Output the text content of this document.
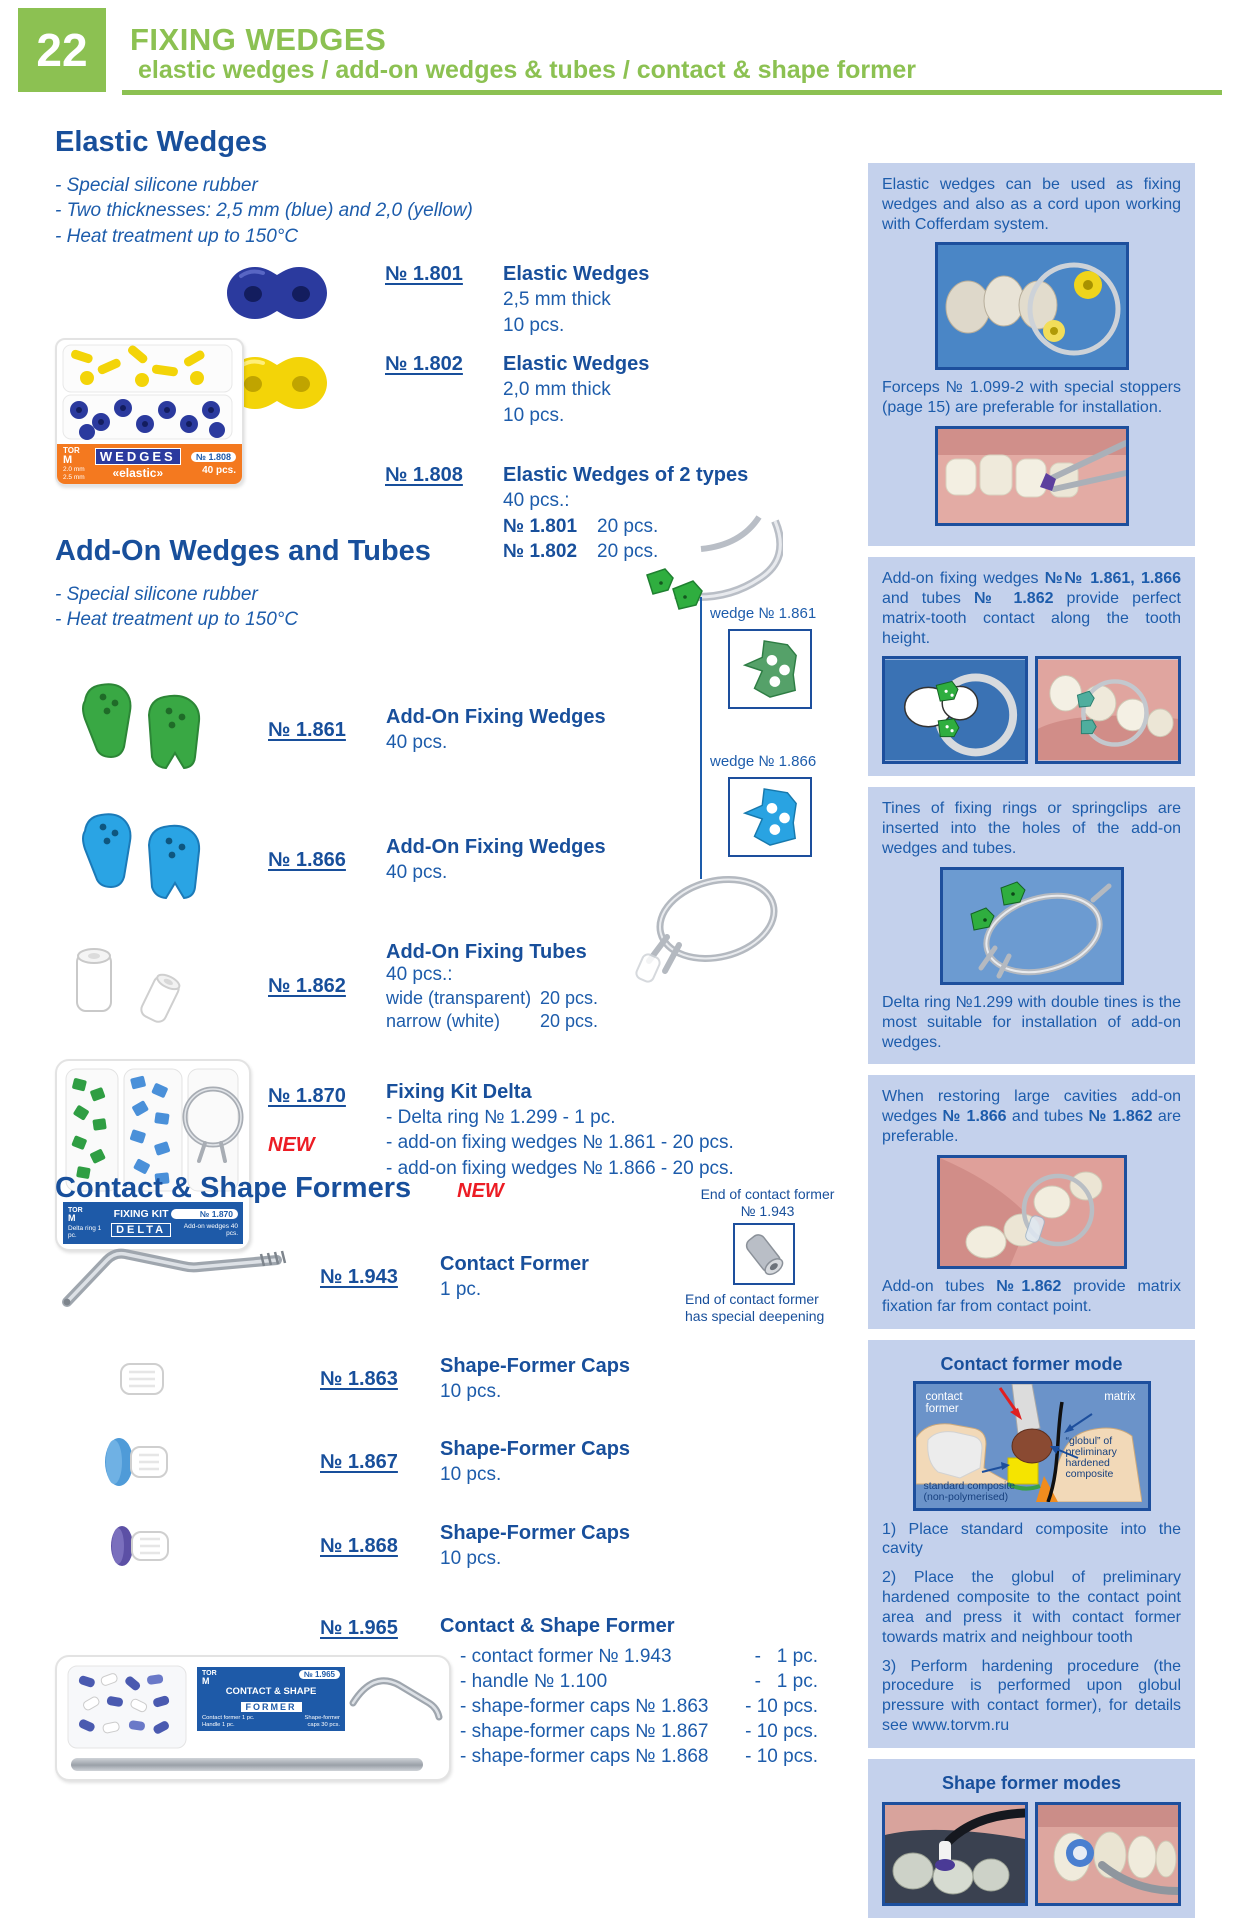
22	FIXING WEDGES
elastic wedges / add-on wedges & tubes / contact & shape former
Elastic Wedges
- Special silicone rubber
- Two thicknesses: 2,5 mm (blue) and 2,0 (yellow)
- Heat treatment up to 150°C
№ 1.801	Elastic Wedges
2,5 mm thick
10 pcs.
№ 1.802	Elastic Wedges
2,0 mm thick
10 pcs.
№ 1.808	Elastic Wedges of 2 types
40 pcs.:
№ 1.801 20 pcs.
№ 1.802 20 pcs.
TOR
M
2.0 mm
2.5 mm
WEDGES
«elastic»
№ 1.808
40 pcs.
Add-On Wedges and Tubes
- Special silicone rubber
- Heat treatment up to 150°C
№ 1.861
Add-On Fixing Wedges
40 pcs.
№ 1.866
Add-On Fixing Wedges
40 pcs.
№ 1.862
Add-On Fixing Tubes
40 pcs.:
wide (transparent) 20 pcs.
narrow (white) 20 pcs.
TOR
M
Delta ring 1 pc.
FIXING KIT
DELTA
№ 1.870
Add-on wedges 40 pcs.
№ 1.870
NEW
Fixing Kit Delta
- Delta ring № 1.299 - 1 pc.
- add-on fixing wedges № 1.861 - 20 pcs.
- add-on fixing wedges № 1.866 - 20 pcs.
wedge № 1.861
wedge № 1.866
Contact & Shape Formers NEW
№ 1.943
Contact Former
1 pc.
№ 1.863
Shape-Former Caps
10 pcs.
№ 1.867
Shape-Former Caps
10 pcs.
№ 1.868
Shape-Former Caps
10 pcs.
TOR
M
№ 1.965
CONTACT & SHAPE
FORMER
Contact former 1 pc.
Handle 1 pc.
Shape-former
caps 30 pcs.
№ 1.965	Contact & Shape Former
- contact former № 1.943	-   1 pc.
- handle № 1.100	-   1 pc.
- shape-former caps № 1.863 - 10 pcs.
- shape-former caps № 1.867 - 10 pcs.
- shape-former caps № 1.868 - 10 pcs.
End of contact former
№ 1.943
End of contact former
has special deepening

Elastic wedges can be used as fixing wedges and also as a cord upon working with Cofferdam system.

Forceps № 1.099-2 with special stoppers (page 15) are preferable for installation.

Add-on fixing wedges №№ 1.861, 1.866 and tubes № 1.862 provide perfect matrix-tooth contact along the tooth height.

Tines of fixing rings or springclips are inserted into the holes of the add-on wedges and tubes.

Delta ring №1.299 with double tines is the most suitable for installation of add-on wedges.

When restoring large cavities add-on wedges № 1.866 and tubes № 1.862 are preferable.

Add-on tubes №1.862 provide matrix fixation far from contact point.

Contact former mode
contact former
matrix
standard composite (non-polymerised)
“globul” of preliminary hardened composite

1) Place standard composite into the cavity

2) Place the globul of preliminary hardened composite to the contact point area and press it with contact former towards matrix and neighbour tooth

3) Perform hardening procedure (the procedure is performed upon globul pressure with contact former), for details see www.torvm.ru

Shape former modes
